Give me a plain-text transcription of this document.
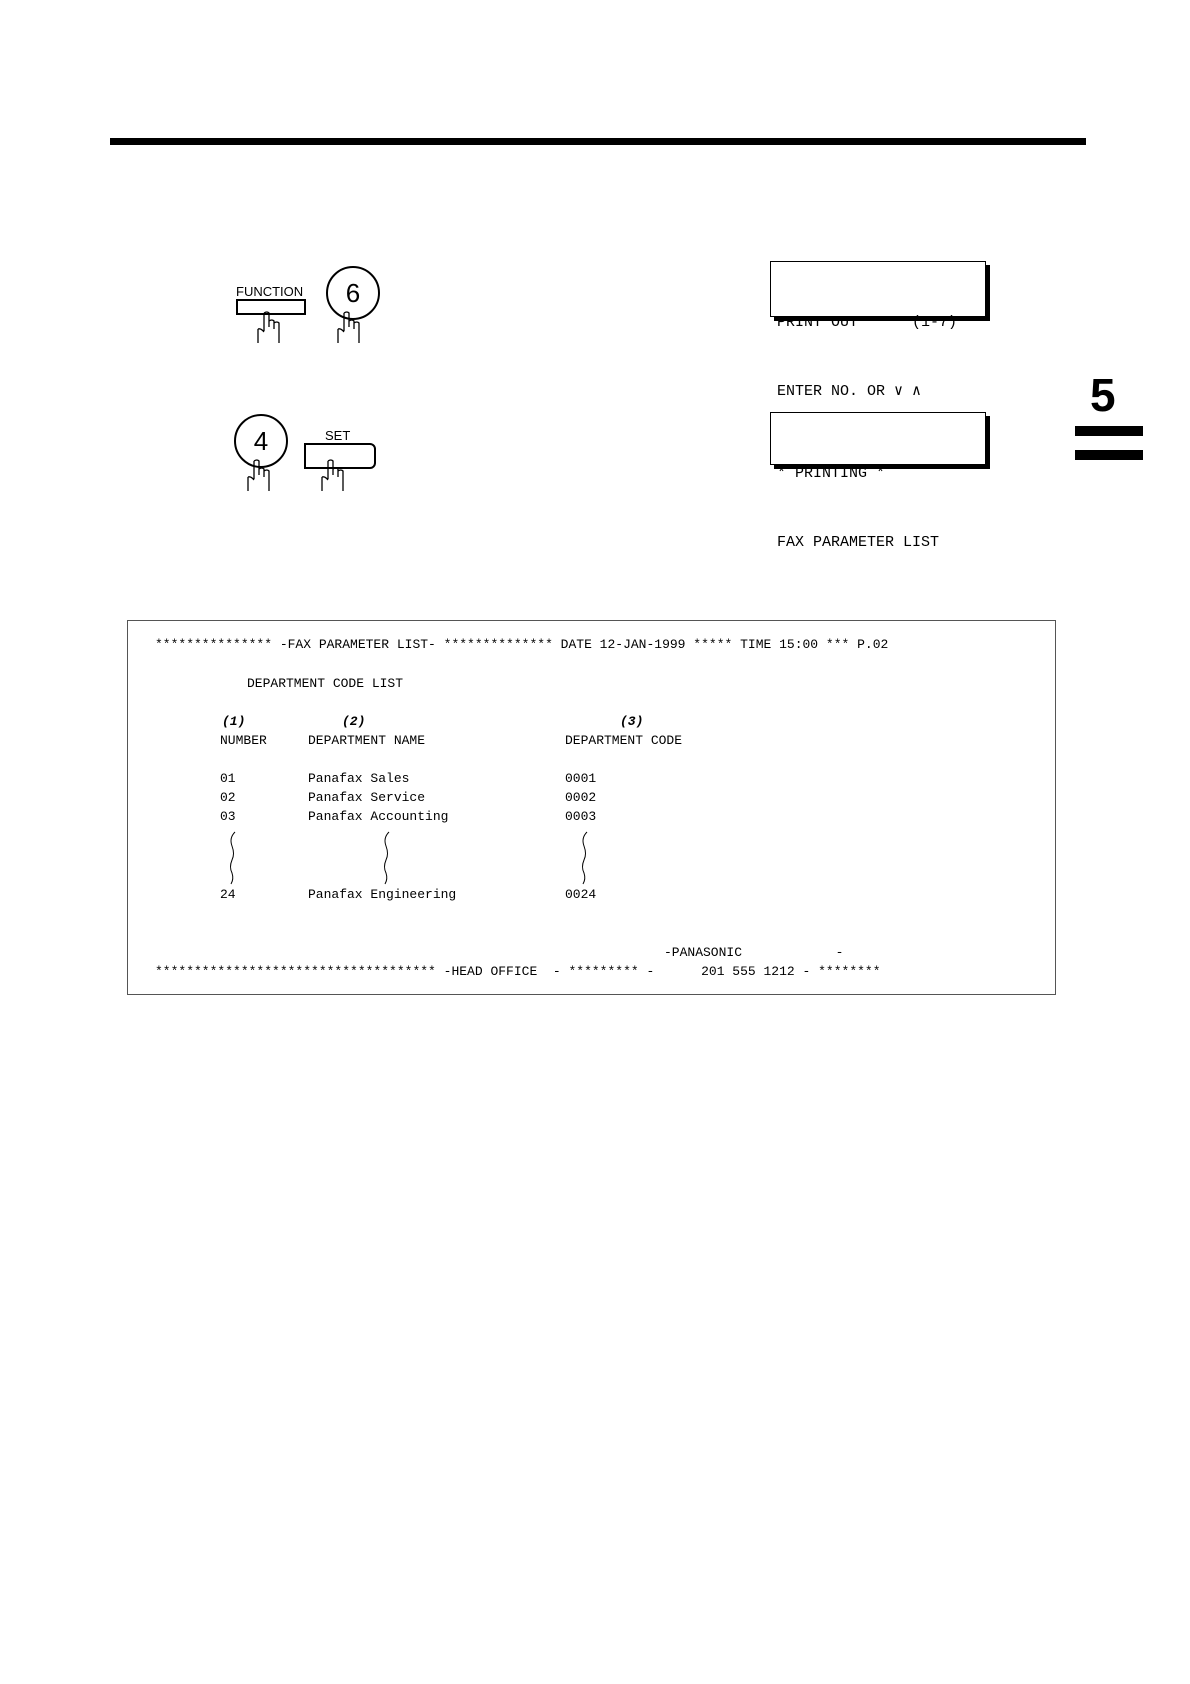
FUNCTION	6

PRINT OUT      (1-7)

ENTER NO. OR ∨ ∧

4	SET

* PRINTING *

FAX PARAMETER LIST

5
*************** -FAX PARAMETER LIST- ************** DATE 12-JAN-1999 ***** TIME 15:00 *** P.02
DEPARTMENT CODE LIST
(1)	(2)	(3)
NUMBER	DEPARTMENT NAME	DEPARTMENT CODE
01	Panafax Sales	0001
02	Panafax Service	0002
03	Panafax Accounting	0003
24	Panafax Engineering	0024
-PANASONIC            -
************************************ -HEAD OFFICE  - ********* -      201 555 1212 - ********
